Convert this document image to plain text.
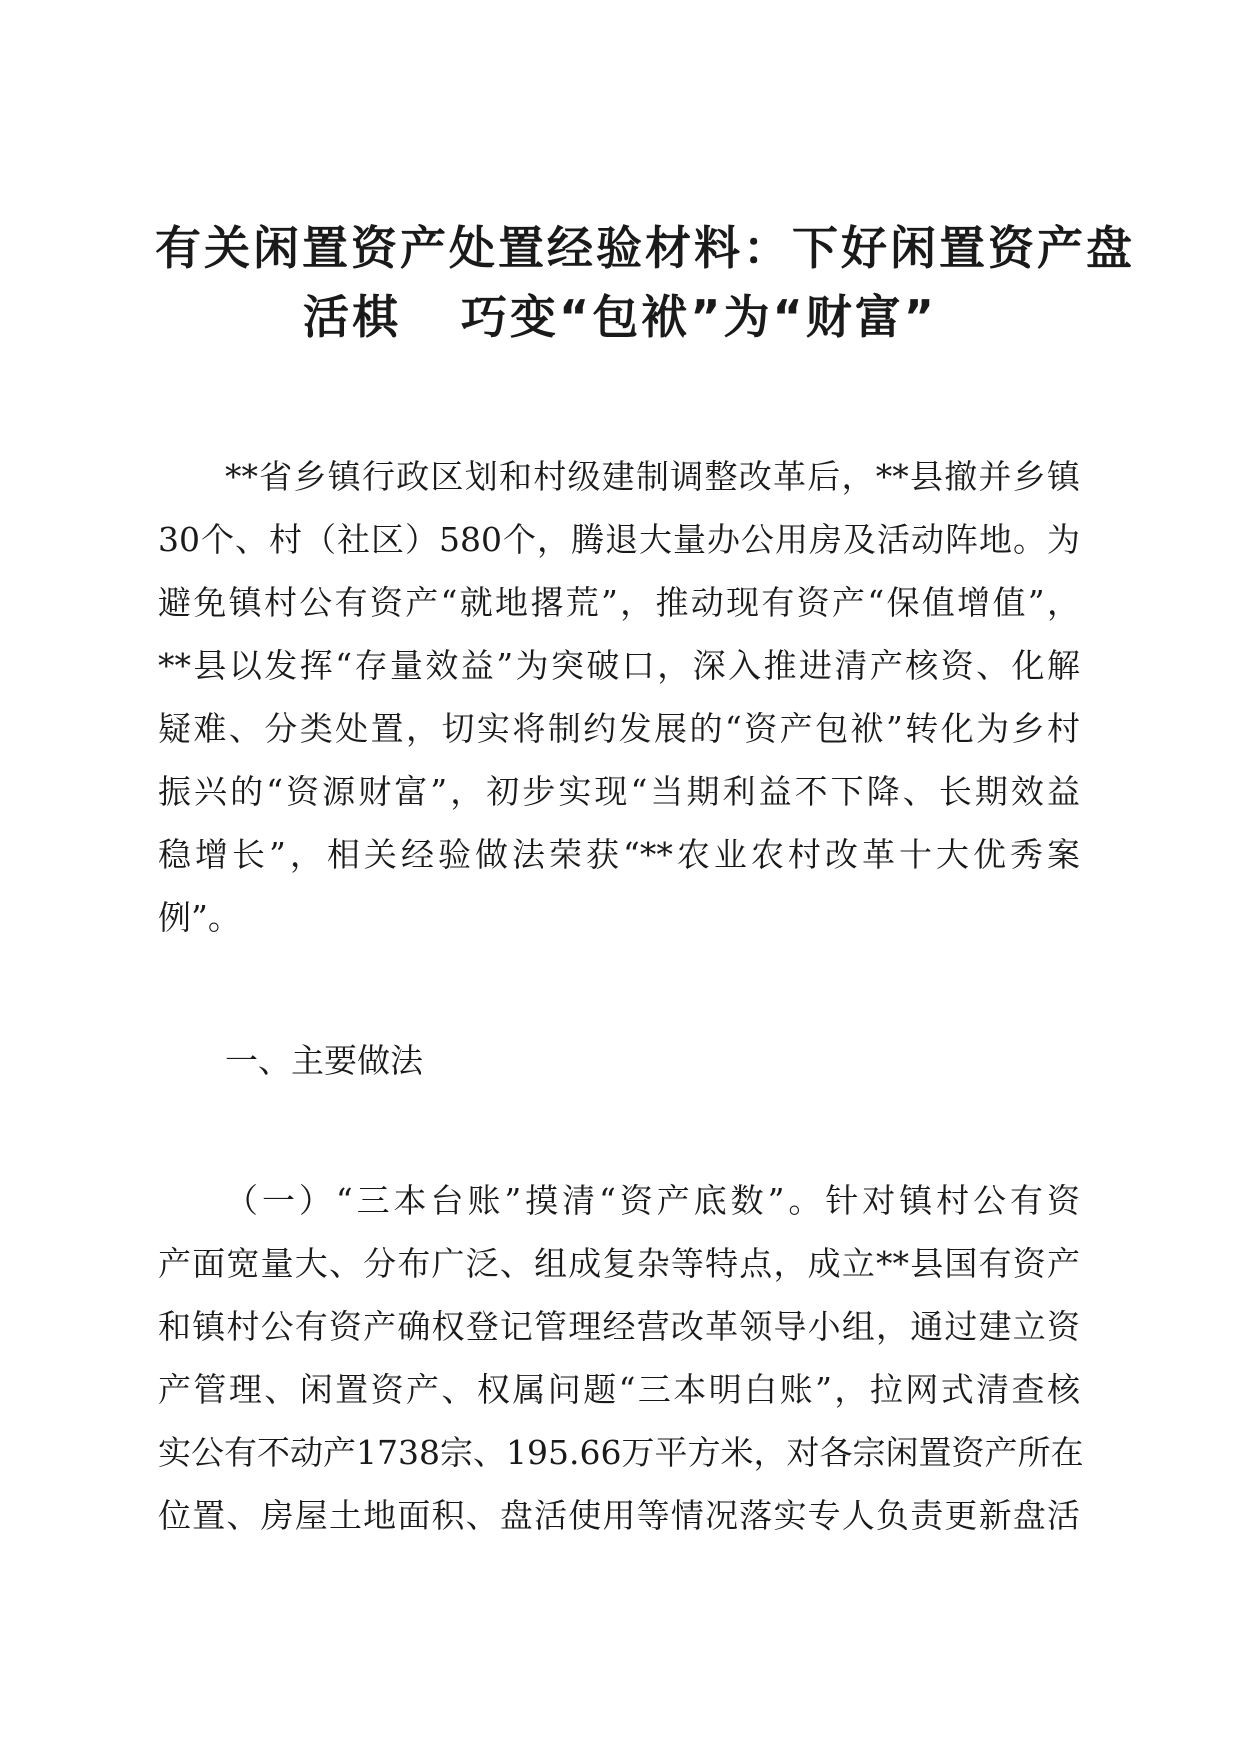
有关闲置资产处置经验材料：下好闲置资产盘
活棋 巧变“包袱”为“财富”
**省乡镇行政区划和村级建制调整改革后，**县撤并乡镇
30个、村（社区）580个，腾退大量办公用房及活动阵地。为
避免镇村公有资产“就地撂荒”，推动现有资产“保值增值”，
**县以发挥“存量效益”为突破口，深入推进清产核资、化解
疑难、分类处置，切实将制约发展的“资产包袱”转化为乡村
振兴的“资源财富”，初步实现“当期利益不下降、长期效益
稳增长”，相关经验做法荣获“**农业农村改革十大优秀案
例”。
一、主要做法
（一）“三本台账”摸清“资产底数”。针对镇村公有资
产面宽量大、分布广泛、组成复杂等特点，成立**县国有资产
和镇村公有资产确权登记管理经营改革领导小组，通过建立资
产管理、闲置资产、权属问题“三本明白账”，拉网式清查核
实公有不动产1738宗、195.66万平方米，对各宗闲置资产所在
位置、房屋土地面积、盘活使用等情况落实专人负责更新盘活
